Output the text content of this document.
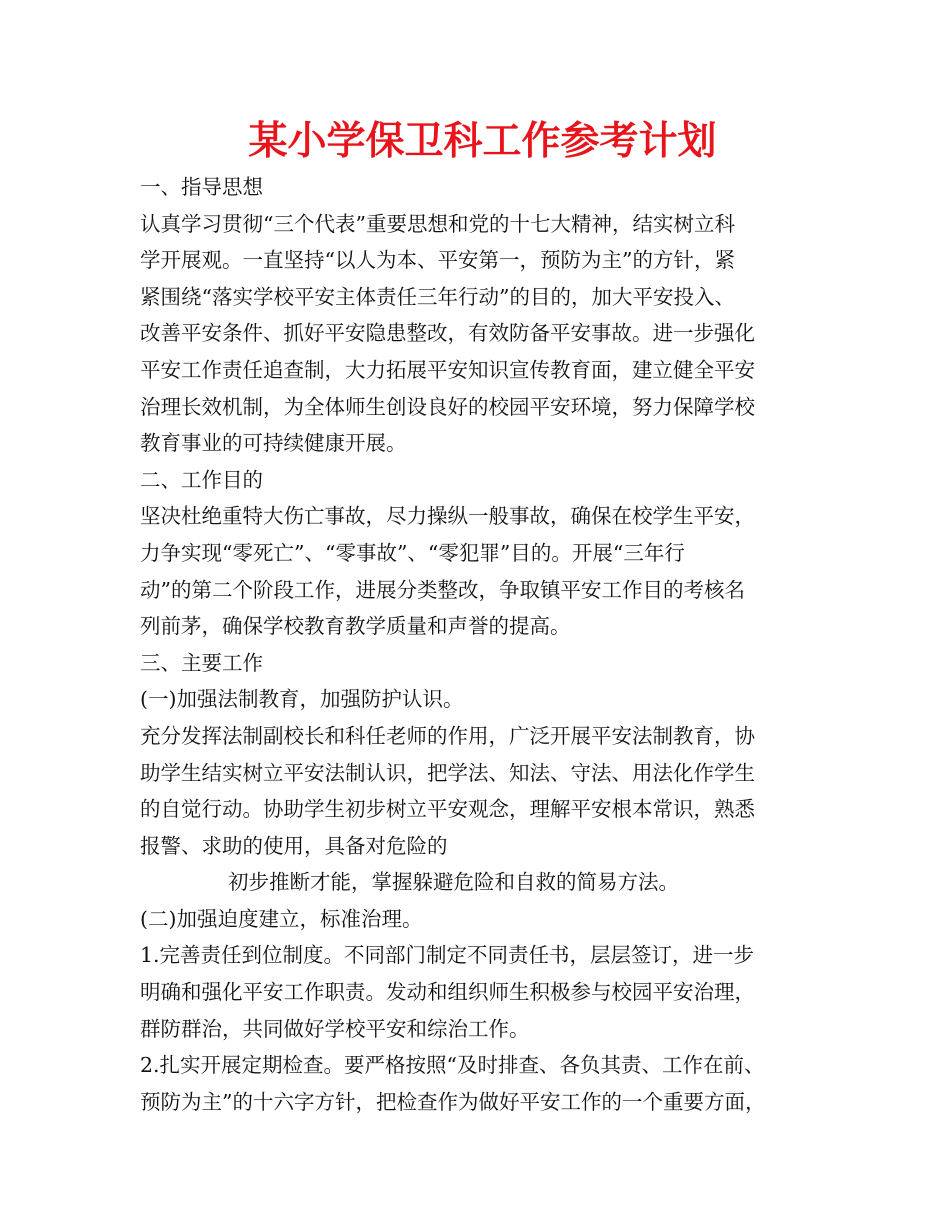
某小学保卫科工作参考计划

一、指导思想

认真学习贯彻“三个代表”重要思想和党的十七大精神，结实树立科

学开展观。一直坚持“以人为本、平安第一，预防为主”的方针，紧

紧围绕“落实学校平安主体责任三年行动”的目的，加大平安投入、

改善平安条件、抓好平安隐患整改，有效防备平安事故。进一步强化

平安工作责任追查制，大力拓展平安知识宣传教育面，建立健全平安

治理长效机制，为全体师生创设良好的校园平安环境，努力保障学校

教育事业的可持续健康开展。

二、工作目的

坚决杜绝重特大伤亡事故，尽力操纵一般事故，确保在校学生平安，

力争实现“零死亡”、“零事故”、“零犯罪”目的。开展“三年行

动”的第二个阶段工作，进展分类整改，争取镇平安工作目的考核名

列前茅，确保学校教育教学质量和声誉的提高。

三、主要工作

(一)加强法制教育，加强防护认识。

充分发挥法制副校长和科任老师的作用，广泛开展平安法制教育，协

助学生结实树立平安法制认识，把学法、知法、守法、用法化作学生

的自觉行动。协助学生初步树立平安观念，理解平安根本常识，熟悉

报警、求助的使用，具备对危险的

初步推断才能，掌握躲避危险和自救的简易方法。

(二)加强迫度建立，标准治理。

1.完善责任到位制度。不同部门制定不同责任书，层层签订，进一步

明确和强化平安工作职责。发动和组织师生积极参与校园平安治理，

群防群治，共同做好学校平安和综治工作。

2.扎实开展定期检查。要严格按照“及时排查、各负其责、工作在前、

预防为主”的十六字方针，把检查作为做好平安工作的一个重要方面，
